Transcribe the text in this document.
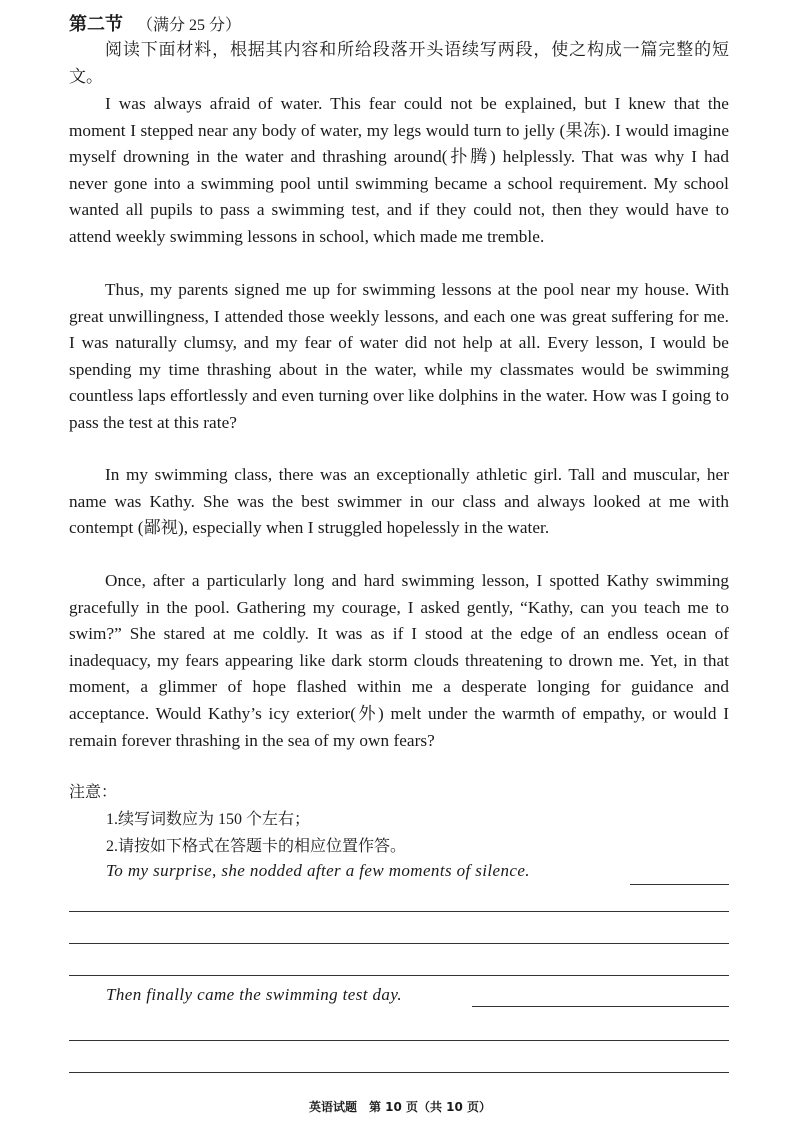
第二节 （满分 25 分）

阅读下面材料，根据其内容和所给段落开头语续写两段，使之构成一篇完整的短文。

I was always afraid of water. This fear could not be explained, but I knew that the moment I stepped near any body of water, my legs would turn to jelly (果冻). I would imagine myself drowning in the water and thrashing around(扑腾) helplessly. That was why I had never gone into a swimming pool until swimming became a school requirement. My school wanted all pupils to pass a swimming test, and if they could not, then they would have to attend weekly swimming lessons in school, which made me tremble.

Thus, my parents signed me up for swimming lessons at the pool near my house. With great unwillingness, I attended those weekly lessons, and each one was great suffering for me. I was naturally clumsy, and my fear of water did not help at all. Every lesson, I would be spending my time thrashing about in the water, while my classmates would be swimming countless laps effortlessly and even turning over like dolphins in the water. How was I going to pass the test at this rate?

In my swimming class, there was an exceptionally athletic girl. Tall and muscular, her name was Kathy. She was the best swimmer in our class and always looked at me with contempt (鄙视), especially when I struggled hopelessly in the water.

Once, after a particularly long and hard swimming lesson, I spotted Kathy swimming gracefully in the pool. Gathering my courage, I asked gently, “Kathy, can you teach me to swim?” She stared at me coldly. It was as if I stood at the edge of an endless ocean of inadequacy, my fears appearing like dark storm clouds threatening to drown me. Yet, in that moment, a glimmer of hope flashed within me a desperate longing for guidance and acceptance. Would Kathy’s icy exterior(外) melt under the warmth of empathy, or would I remain forever thrashing in the sea of my own fears?

注意：
1.续写词数应为 150 个左右；
2.请按如下格式在答题卡的相应位置作答。
To my surprise, she nodded after a few moments of silence.
Then finally came the swimming test day.
英语试题　第 10 页（共 10 页）
